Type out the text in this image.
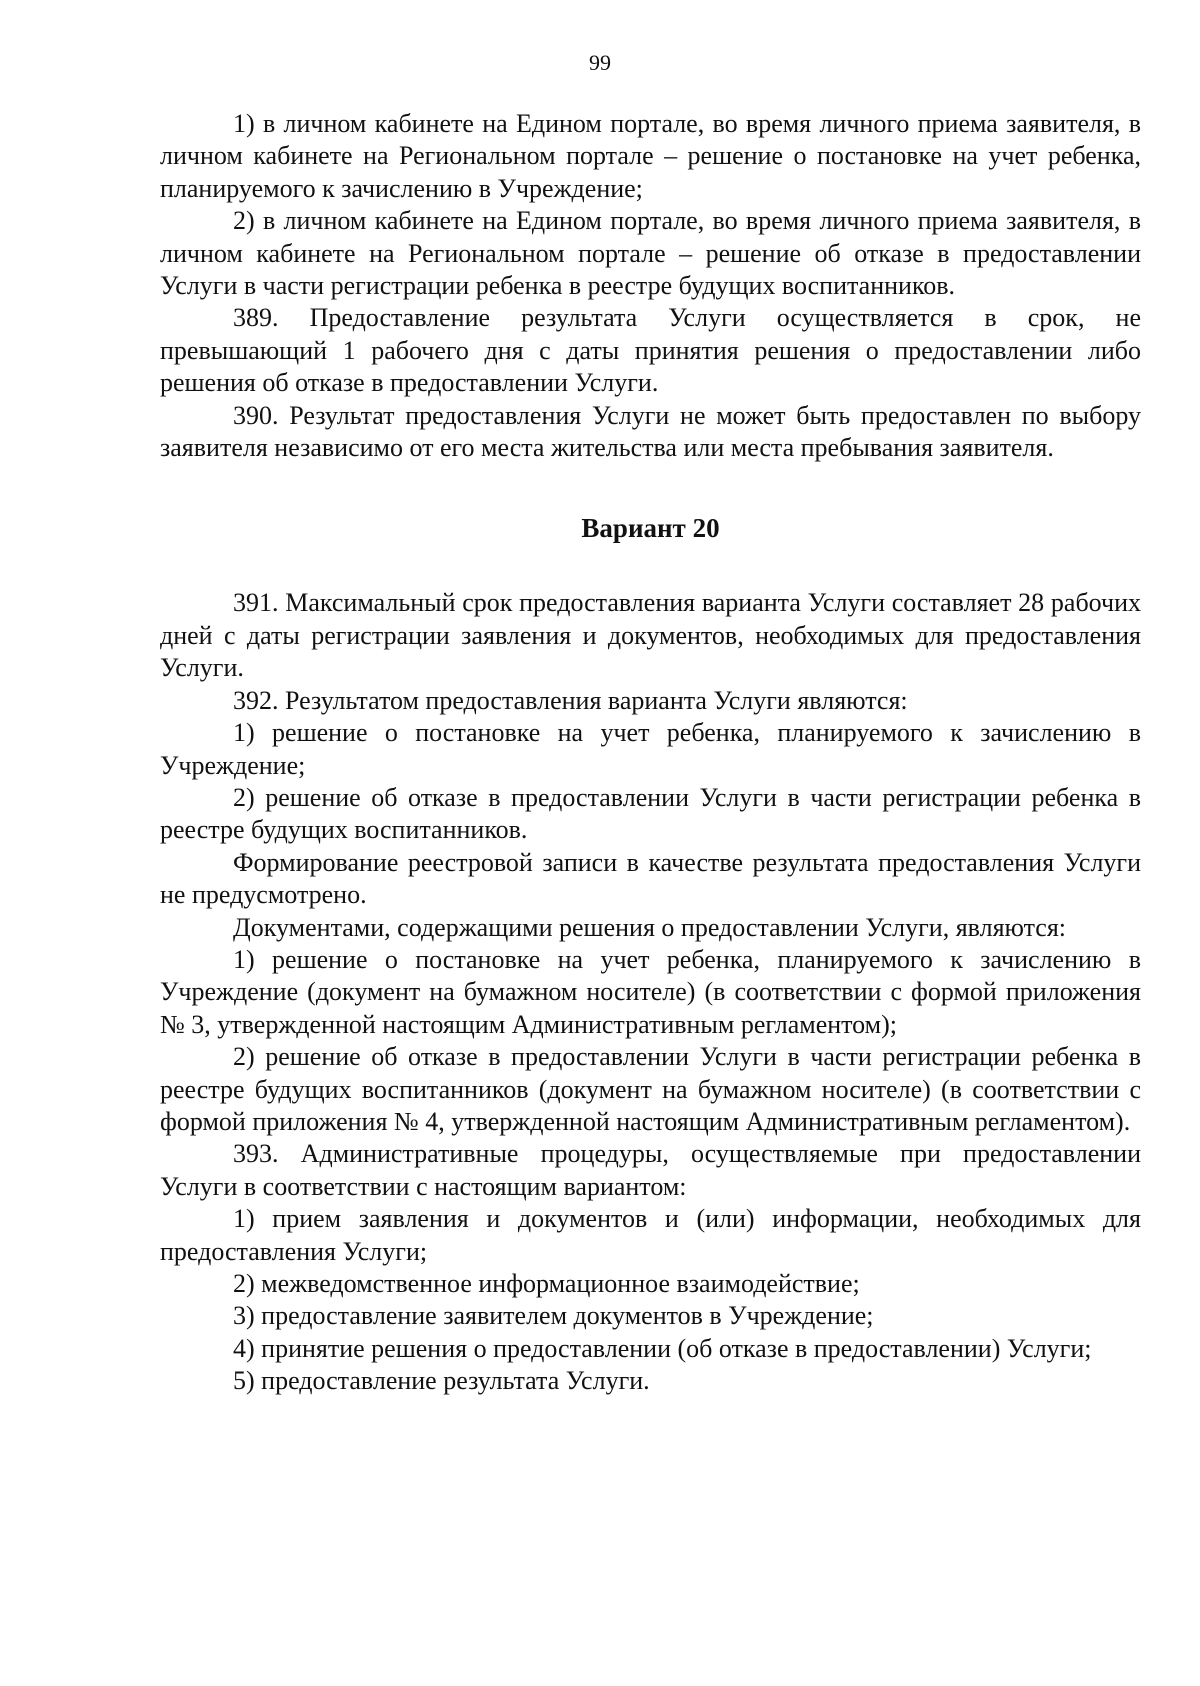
99

1) в личном кабинете на Едином портале, во время личного приема заявителя, в личном кабинете на Региональном портале – решение о постановке на учет ребенка, планируемого к зачислению в Учреждение;

2) в личном кабинете на Едином портале, во время личного приема заявителя, в личном кабинете на Региональном портале – решение об отказе в предоставлении Услуги в части регистрации ребенка в реестре будущих воспитанников.

389. Предоставление результата Услуги осуществляется в срок, не превышающий 1 рабочего дня с даты принятия решения о предоставлении либо решения об отказе в предоставлении Услуги.

390. Результат предоставления Услуги не может быть предоставлен по выбору заявителя независимо от его места жительства или места пребывания заявителя.

Вариант 20

391. Максимальный срок предоставления варианта Услуги составляет 28 рабочих дней с даты регистрации заявления и документов, необходимых для предоставления Услуги.

392. Результатом предоставления варианта Услуги являются:

1) решение о постановке на учет ребенка, планируемого к зачислению в Учреждение;

2) решение об отказе в предоставлении Услуги в части регистрации ребенка в реестре будущих воспитанников.

Формирование реестровой записи в качестве результата предоставления Услуги не предусмотрено.

Документами, содержащими решения о предоставлении Услуги, являются:

1) решение о постановке на учет ребенка, планируемого к зачислению в Учреждение (документ на бумажном носителе) (в соответствии с формой приложения № 3, утвержденной настоящим Административным регламентом);

2) решение об отказе в предоставлении Услуги в части регистрации ребенка в реестре будущих воспитанников (документ на бумажном носителе) (в соответствии с формой приложения № 4, утвержденной настоящим Административным регламентом).

393. Административные процедуры, осуществляемые при предоставлении Услуги в соответствии с настоящим вариантом:

1) прием заявления и документов и (или) информации, необходимых для предоставления Услуги;

2) межведомственное информационное взаимодействие;

3) предоставление заявителем документов в Учреждение;

4) принятие решения о предоставлении (об отказе в предоставлении) Услуги;

5) предоставление результата Услуги.
